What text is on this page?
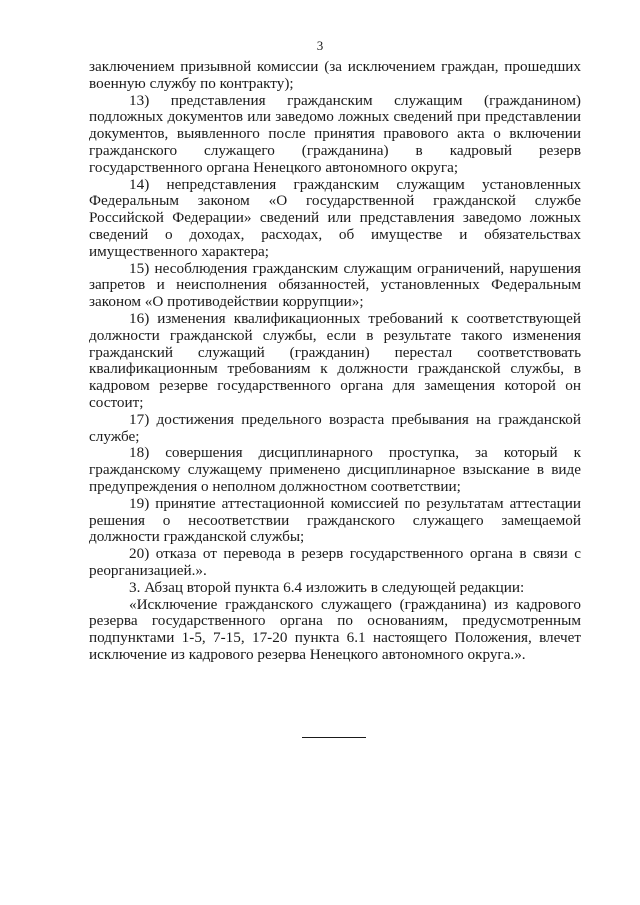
3

заключением призывной комиссии (за исключением граждан, прошедших военную службу по контракту);

13) представления гражданским служащим (гражданином) подложных документов или заведомо ложных сведений при представлении документов, выявленного после принятия правового акта о включении гражданского служащего (гражданина) в кадровый резерв государственного органа Ненецкого автономного округа;

14) непредставления гражданским служащим установленных Федеральным законом «О государственной гражданской службе Российской Федерации» сведений или представления заведомо ложных сведений о доходах, расходах, об имуществе и обязательствах имущественного характера;

15) несоблюдения гражданским служащим ограничений, нарушения запретов и неисполнения обязанностей, установленных Федеральным законом «О противодействии коррупции»;

16) изменения квалификационных требований к соответствующей должности гражданской службы, если в результате такого изменения гражданский служащий (гражданин) перестал соответствовать квалификационным требованиям к должности гражданской службы, в кадровом резерве государственного органа для замещения которой он состоит;

17) достижения предельного возраста пребывания на гражданской службе;

18) совершения дисциплинарного проступка, за который к гражданскому служащему применено дисциплинарное взыскание в виде предупреждения о неполном должностном соответствии;

19) принятие аттестационной комиссией по результатам аттестации решения о несоответствии гражданского служащего замещаемой должности гражданской службы;

20) отказа от перевода в резерв государственного органа в связи с реорганизацией.».

3. Абзац второй пункта 6.4 изложить в следующей редакции:

«Исключение гражданского служащего (гражданина) из кадрового резерва государственного органа по основаниям, предусмотренным подпунктами 1-5, 7-15, 17-20 пункта 6.1 настоящего Положения, влечет исключение из кадрового резерва Ненецкого автономного округа.».
